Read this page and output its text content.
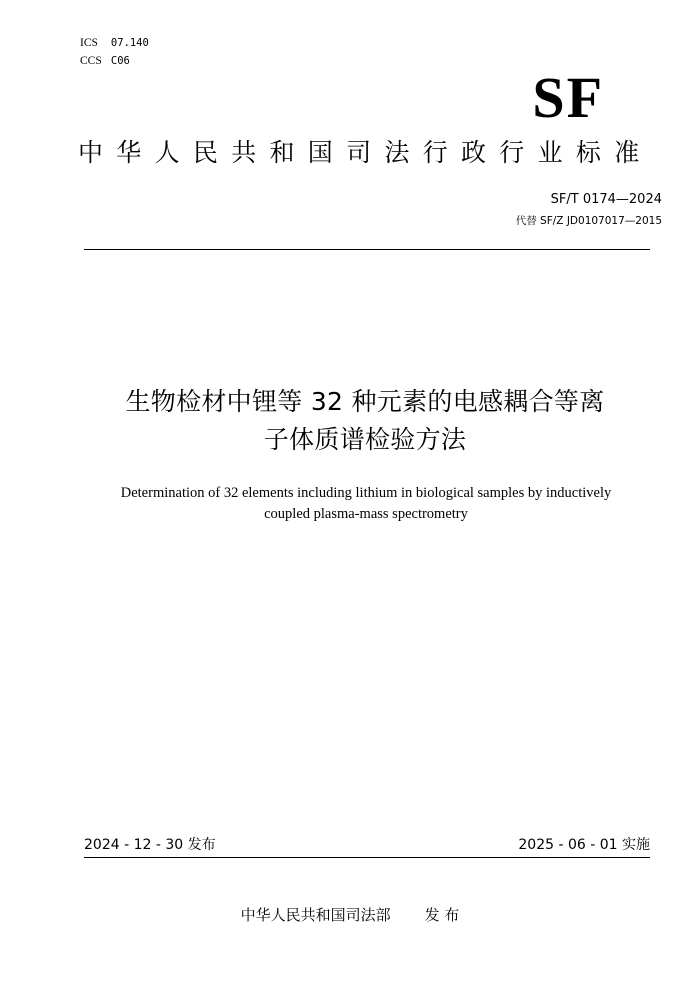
ICS 07.140
CCS C06
SF
中华人民共和国司法行政行业标准
SF/T 0174—2024
代替 SF/Z JD0107017—2015
生物检材中锂等 32 种元素的电感耦合等离
子体质谱检验方法
Determination of 32 elements including lithium in biological samples by inductively
coupled plasma-mass spectrometry
2024 - 12 - 30 发布	2025 - 06 - 01 实施
中华人民共和国司法部 发 布
